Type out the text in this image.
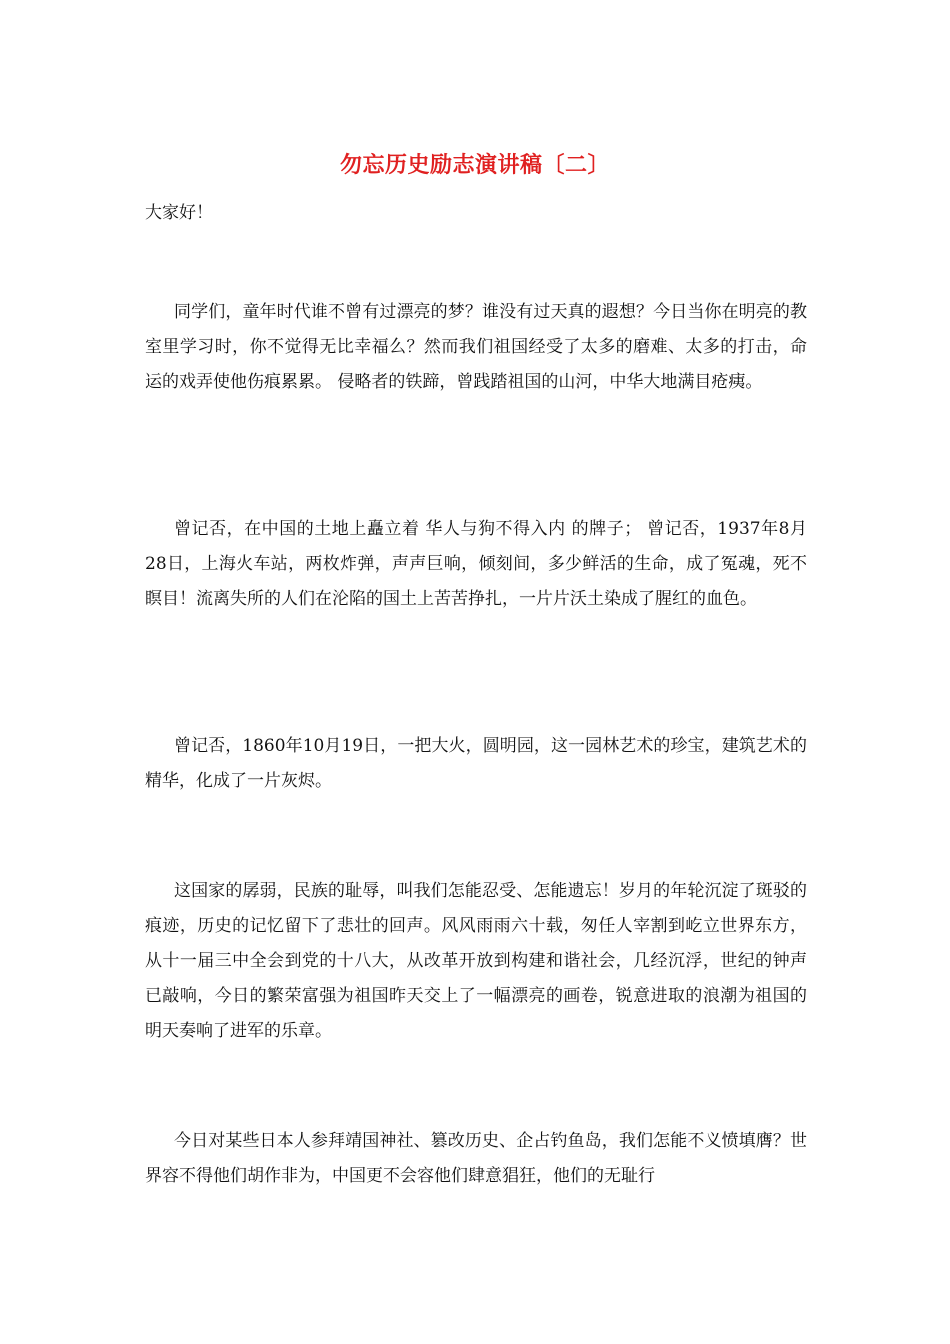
勿忘历史励志演讲稿〔二〕
大家好！

同学们，童年时代谁不曾有过漂亮的梦？谁没有过天真的遐想？今日当你在明亮的教室里学习时，你不觉得无比幸福么？然而我们祖国经受了太多的磨难、太多的打击，命运的戏弄使他伤痕累累。 侵略者的铁蹄，曾践踏祖国的山河，中华大地满目疮痍。

曾记否，在中国的土地上矗立着 华人与狗不得入内 的牌子； 曾记否，1937年8月28日，上海火车站，两枚炸弹，声声巨响，倾刻间，多少鲜活的生命，成了冤魂，死不瞑目！流离失所的人们在沦陷的国土上苦苦挣扎，一片片沃土染成了腥红的血色。

曾记否，1860年10月19日，一把大火，圆明园，这一园林艺术的珍宝，建筑艺术的精华，化成了一片灰烬。

这国家的孱弱，民族的耻辱，叫我们怎能忍受、怎能遗忘！岁月的年轮沉淀了斑驳的痕迹，历史的记忆留下了悲壮的回声。风风雨雨六十载，匆任人宰割到屹立世界东方，从十一届三中全会到党的十八大，从改革开放到构建和谐社会，几经沉浮，世纪的钟声已敲响，今日的繁荣富强为祖国昨天交上了一幅漂亮的画卷，锐意进取的浪潮为祖国的明天奏响了进军的乐章。

今日对某些日本人参拜靖国神社、篡改历史、企占钓鱼岛，我们怎能不义愤填膺？世界容不得他们胡作非为，中国更不会容他们肆意猖狂，他们的无耻行
